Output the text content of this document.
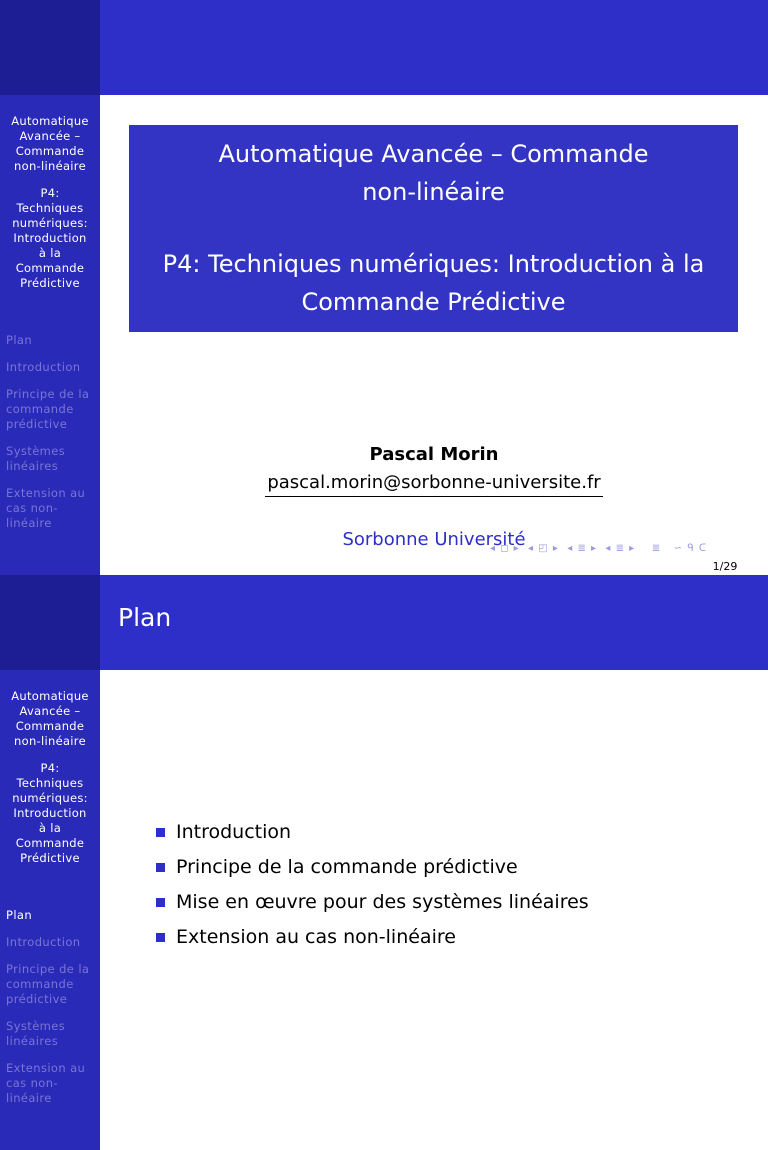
Automatique
Avancée –
Commande
non-linéaire
P4:
Techniques
numériques:
Introduction
à la
Commande
Prédictive
Plan
Introduction
Principe de la commande prédictive
Systèmes linéaires
Extension au cas non-linéaire
Automatique Avancée – Commande
non-linéaire
P4: Techniques numériques: Introduction à la
Commande Prédictive
Pascal Morin
pascal.morin@sorbonne-universite.fr
Sorbonne Université
◂ ◻ ▸  ◂ ◰ ▸  ◂ ≣ ▸  ◂ ≣ ▸    ≣   ∽ ᑫ ᑕ
1/29
Automatique
Avancée –
Commande
non-linéaire
P4:
Techniques
numériques:
Introduction
à la
Commande
Prédictive
Plan
Introduction
Principe de la commande prédictive
Systèmes linéaires
Extension au cas non-linéaire
Plan
Introduction
Principe de la commande prédictive
Mise en œuvre pour des systèmes linéaires
Extension au cas non-linéaire
